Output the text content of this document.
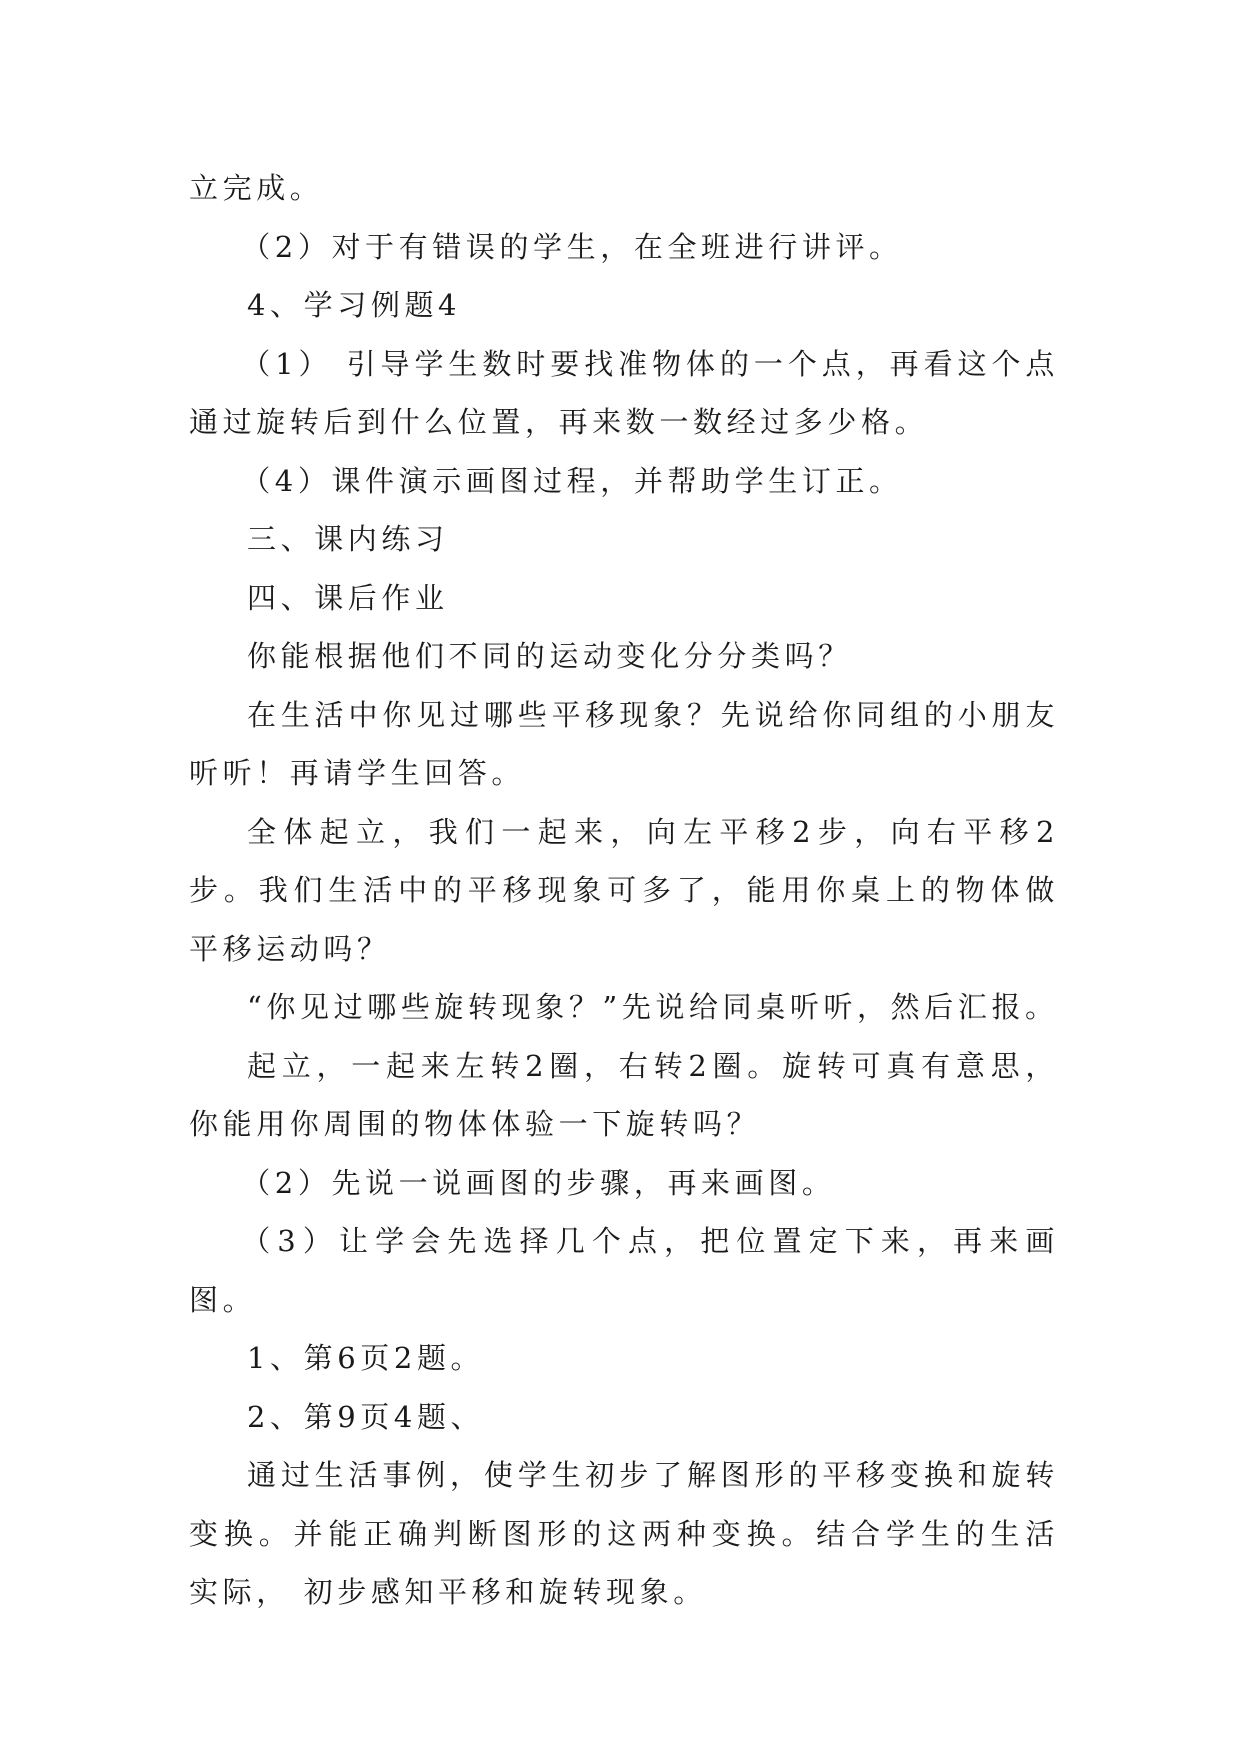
立完成。

（2）对于有错误的学生，在全班进行讲评。

4、学习例题4

（1） 引导学生数时要找准物体的一个点，再看这个点通过旋转后到什么位置，再来数一数经过多少格。

（4）课件演示画图过程，并帮助学生订正。

三、课内练习

四、课后作业

你能根据他们不同的运动变化分分类吗？

在生活中你见过哪些平移现象？先说给你同组的小朋友听听！再请学生回答。

全体起立，我们一起来，向左平移2步，向右平移2步。我们生活中的平移现象可多了，能用你桌上的物体做平移运动吗？

“你见过哪些旋转现象？”先说给同桌听听，然后汇报。

起立，一起来左转2圈，右转2圈。旋转可真有意思，你能用你周围的物体体验一下旋转吗？

（2）先说一说画图的步骤，再来画图。

（3）让学会先选择几个点，把位置定下来，再来画图。

1、第6页2题。

2、第9页4题、

通过生活事例，使学生初步了解图形的平移变换和旋转变换。并能正确判断图形的这两种变换。结合学生的生活实际， 初步感知平移和旋转现象。
